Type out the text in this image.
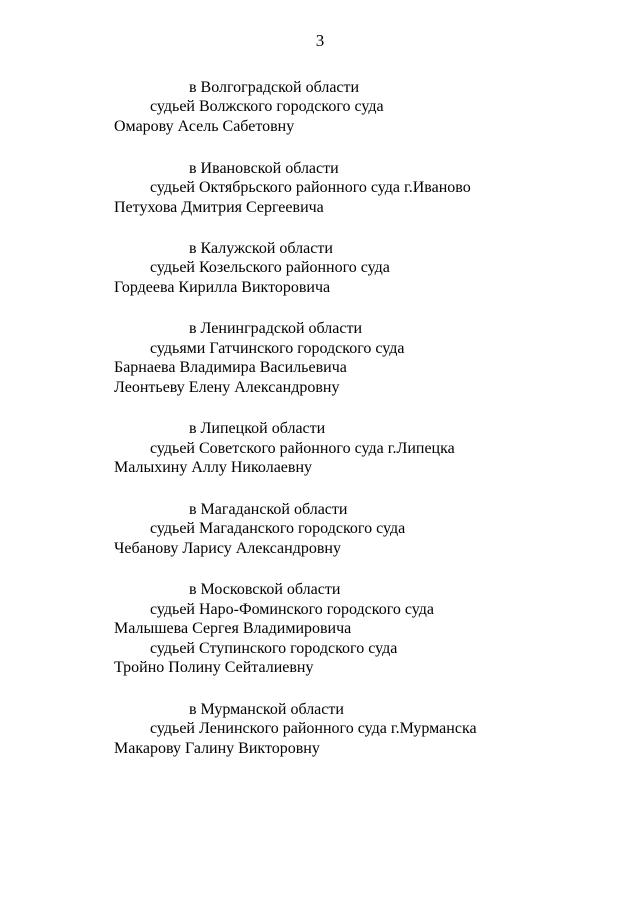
3
в Волгоградской области
судьей Волжского городского суда
Омарову Асель Сабетовну
в Ивановской области
судьей Октябрьского районного суда г.Иваново
Петухова Дмитрия Сергеевича
в Калужской области
судьей Козельского районного суда
Гордеева Кирилла Викторовича
в Ленинградской области
судьями Гатчинского городского суда
Барнаева Владимира Васильевича
Леонтьеву Елену Александровну
в Липецкой области
судьей Советского районного суда г.Липецка
Малыхину Аллу Николаевну
в Магаданской области
судьей Магаданского городского суда
Чебанову Ларису Александровну
в Московской области
судьей Наро-Фоминского городского суда
Малышева Сергея Владимировича
судьей Ступинского городского суда
Тройно Полину Сейталиевну
в Мурманской области
судьей Ленинского районного суда г.Мурманска
Макарову Галину Викторовну
